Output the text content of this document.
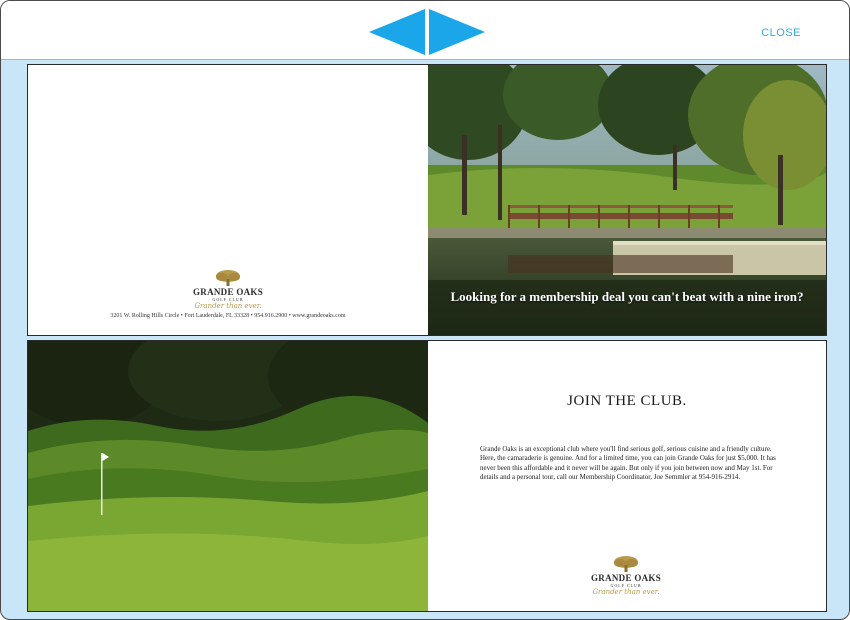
CLOSE
GRANDE OAKS
GOLF CLUB
Grander than ever.
3201 W. Rolling Hills Circle • Fort Lauderdale, FL 33328 • 954.916.2900 • www.grandeoaks.com
Looking for a membership deal you can't beat with a nine iron?
JOIN THE CLUB.

Grande Oaks is an exceptional club where you'll find serious golf, serious cuisine and a friendly culture. Here, the camaraderie is genuine. And for a limited time, you can join Grande Oaks for just $5,000. It has never been this affordable and it never will be again. But only if you join between now and May 1st. For details and a personal tour, call our Membership Coordinator, Joe Semmler at 954-916-2914.

GRANDE OAKS
GOLF CLUB
Grander than ever.
